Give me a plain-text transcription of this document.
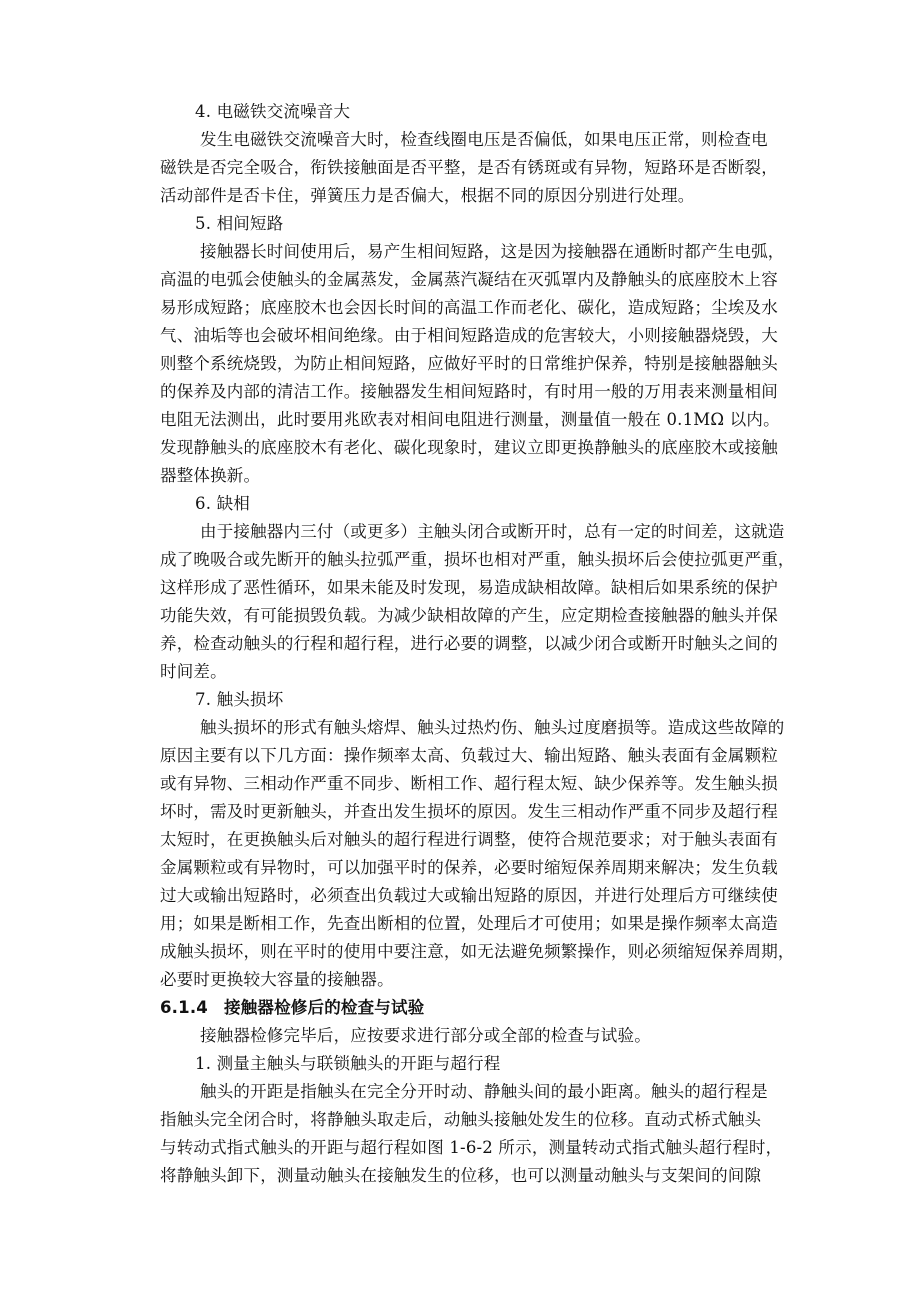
4. 电磁铁交流噪音大
发生电磁铁交流噪音大时，检查线圈电压是否偏低，如果电压正常，则检查电
磁铁是否完全吸合，衔铁接触面是否平整，是否有锈斑或有异物，短路环是否断裂，
活动部件是否卡住，弹簧压力是否偏大，根据不同的原因分别进行处理。
5. 相间短路
接触器长时间使用后，易产生相间短路，这是因为接触器在通断时都产生电弧，
高温的电弧会使触头的金属蒸发，金属蒸汽凝结在灭弧罩内及静触头的底座胶木上容
易形成短路；底座胶木也会因长时间的高温工作而老化、碳化，造成短路；尘埃及水
气、油垢等也会破坏相间绝缘。由于相间短路造成的危害较大，小则接触器烧毁，大
则整个系统烧毁，为防止相间短路，应做好平时的日常维护保养，特别是接触器触头
的保养及内部的清洁工作。接触器发生相间短路时，有时用一般的万用表来测量相间
电阻无法测出，此时要用兆欧表对相间电阻进行测量，测量值一般在 0.1MΩ 以内。
发现静触头的底座胶木有老化、碳化现象时，建议立即更换静触头的底座胶木或接触
器整体换新。
6. 缺相
由于接触器内三付（或更多）主触头闭合或断开时，总有一定的时间差，这就造
成了晚吸合或先断开的触头拉弧严重，损坏也相对严重，触头损坏后会使拉弧更严重，
这样形成了恶性循环，如果未能及时发现，易造成缺相故障。缺相后如果系统的保护
功能失效，有可能损毁负载。为减少缺相故障的产生，应定期检查接触器的触头并保
养，检查动触头的行程和超行程，进行必要的调整，以减少闭合或断开时触头之间的
时间差。
7. 触头损坏
触头损坏的形式有触头熔焊、触头过热灼伤、触头过度磨损等。造成这些故障的
原因主要有以下几方面：操作频率太高、负载过大、输出短路、触头表面有金属颗粒
或有异物、三相动作严重不同步、断相工作、超行程太短、缺少保养等。发生触头损
坏时，需及时更新触头，并查出发生损坏的原因。发生三相动作严重不同步及超行程
太短时，在更换触头后对触头的超行程进行调整，使符合规范要求；对于触头表面有
金属颗粒或有异物时，可以加强平时的保养，必要时缩短保养周期来解决；发生负载
过大或输出短路时，必须查出负载过大或输出短路的原因，并进行处理后方可继续使
用；如果是断相工作，先查出断相的位置，处理后才可使用；如果是操作频率太高造
成触头损坏，则在平时的使用中要注意，如无法避免频繁操作，则必须缩短保养周期，
必要时更换较大容量的接触器。
6.1.4 接触器检修后的检查与试验
接触器检修完毕后，应按要求进行部分或全部的检查与试验。
1. 测量主触头与联锁触头的开距与超行程
触头的开距是指触头在完全分开时动、静触头间的最小距离。触头的超行程是
指触头完全闭合时，将静触头取走后，动触头接触处发生的位移。直动式桥式触头
与转动式指式触头的开距与超行程如图 1-6-2 所示，测量转动式指式触头超行程时，
将静触头卸下，测量动触头在接触发生的位移，也可以测量动触头与支架间的间隙
